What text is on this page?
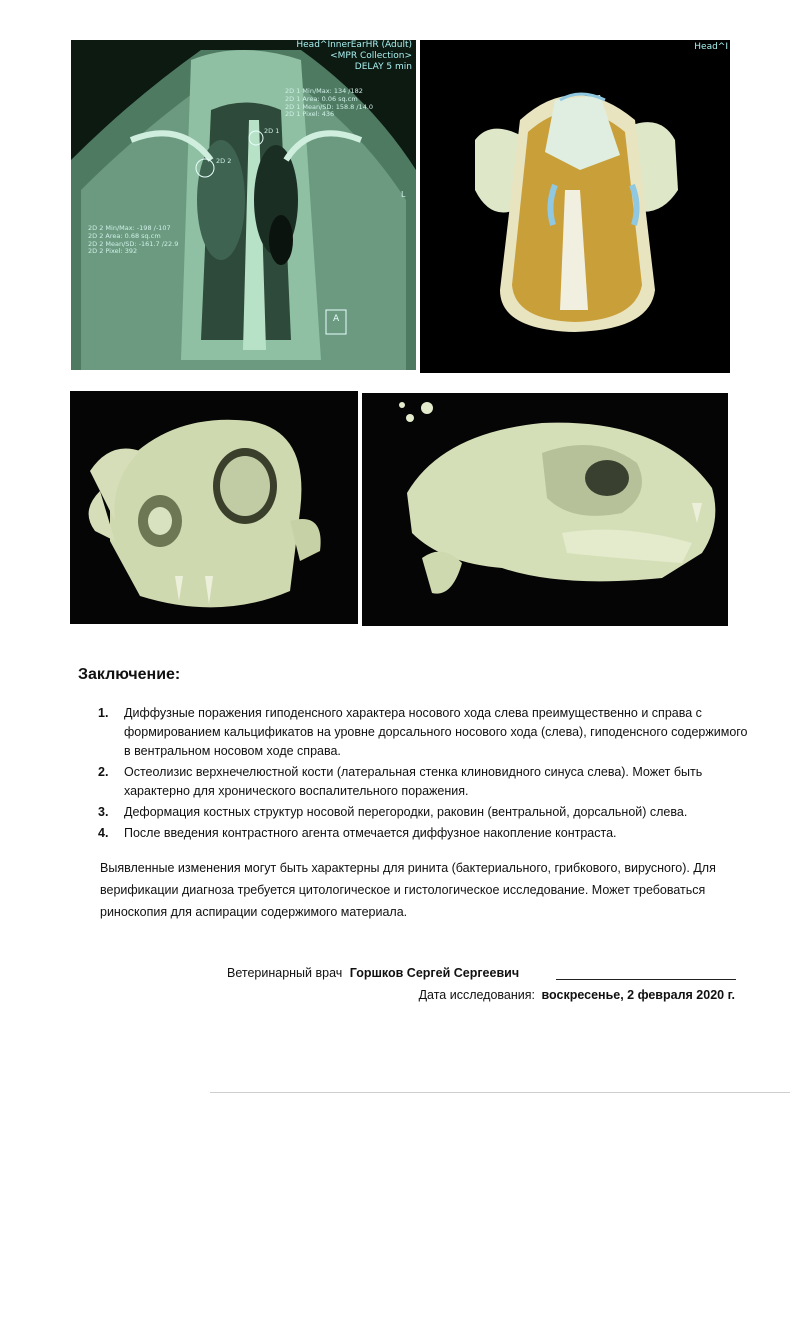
Head^InnerEarHR (Adult)
<MPR Collection>
DELAY 5 min
2D 1 Min/Max: 134 /182
2D 1 Area: 0.06 sq.cm
2D 1 Mean/SD: 158.8 /14.0
2D 1 Pixel: 436
2D 1
2D 2
2D 2 Min/Max: -198 /-107
2D 2 Area: 0.68 sq.cm
2D 2 Mean/SD: -161.7 /22.9
2D 2 Pixel: 392
L
A
Head^I
Заключение:
1. Диффузные поражения гиподенсного характера носового хода слева преимущественно и справа с формированием кальцификатов на уровне дорсального носового хода (слева), гиподенсного содержимого в вентральном носовом ходе справа.
2. Остеолизис верхнечелюстной кости (латеральная стенка клиновидного синуса слева). Может быть характерно для хронического воспалительного поражения.
3. Деформация костных структур носовой перегородки, раковин (вентральной, дорсальной) слева.
4. После введения контрастного агента отмечается диффузное накопление контраста.

Выявленные изменения могут быть характерны для ринита (бактериального, грибкового, вирусного). Для верификации диагноза требуется цитологическое и гистологическое исследование. Может требоваться риноскопия для аспирации содержимого материала.

Ветеринарный врач Горшков Сергей Сергеевич
Дата исследования: воскресенье, 2 февраля 2020 г.
